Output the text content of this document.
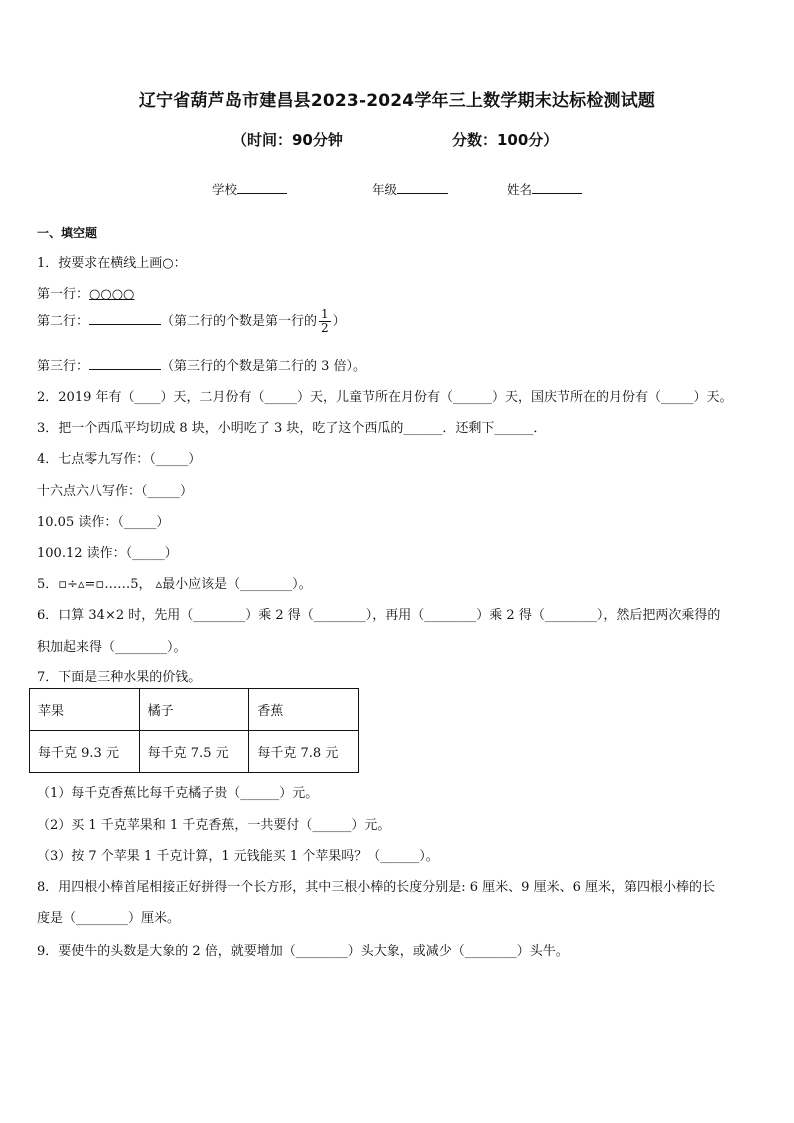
辽宁省葫芦岛市建昌县2023-2024学年三上数学期末达标检测试题
（时间：90分钟	分数：100分）
学校	年级	姓名
一、填空题
1．按要求在横线上画○：
第一行：○○○○
第二行：	（第二行的个数是第一行的 $\frac{1}{2}$ ）
第三行：	（第三行的个数是第二行的 3 倍）。
2．2019 年有（____）天，二月份有（_____）天，儿童节所在月份有（______）天，国庆节所在的月份有（_____）天。
3．把一个西瓜平均切成 8 块，小明吃了 3 块，吃了这个西瓜的______．还剩下______．
4．七点零九写作：（_____）
十六点六八写作：（_____）
10.05 读作：（_____）
100.12 读作：（_____）
5．▫÷▵=▫……5， ▵最小应该是（________）。
6．口算 34×2 时，先用（________）乘 2 得（________），再用（________）乘 2 得（________），然后把两次乘得的
积加起来得（________）。
7．下面是三种水果的价钱。
苹果	橘子	香蕉
每千克 9.3 元	每千克 7.5 元	每千克 7.8 元
（1）每千克香蕉比每千克橘子贵（______）元。
（2）买 1 千克苹果和 1 千克香蕉，一共要付（______）元。
（3）按 7 个苹果 1 千克计算，1 元钱能买 1 个苹果吗？（______）。
8．用四根小棒首尾相接正好拼得一个长方形，其中三根小棒的长度分别是: 6 厘米、9 厘米、6 厘米，第四根小棒的长
度是（________）厘米。
9．要使牛的头数是大象的 2 倍，就要增加（________）头大象，或减少（________）头牛。
